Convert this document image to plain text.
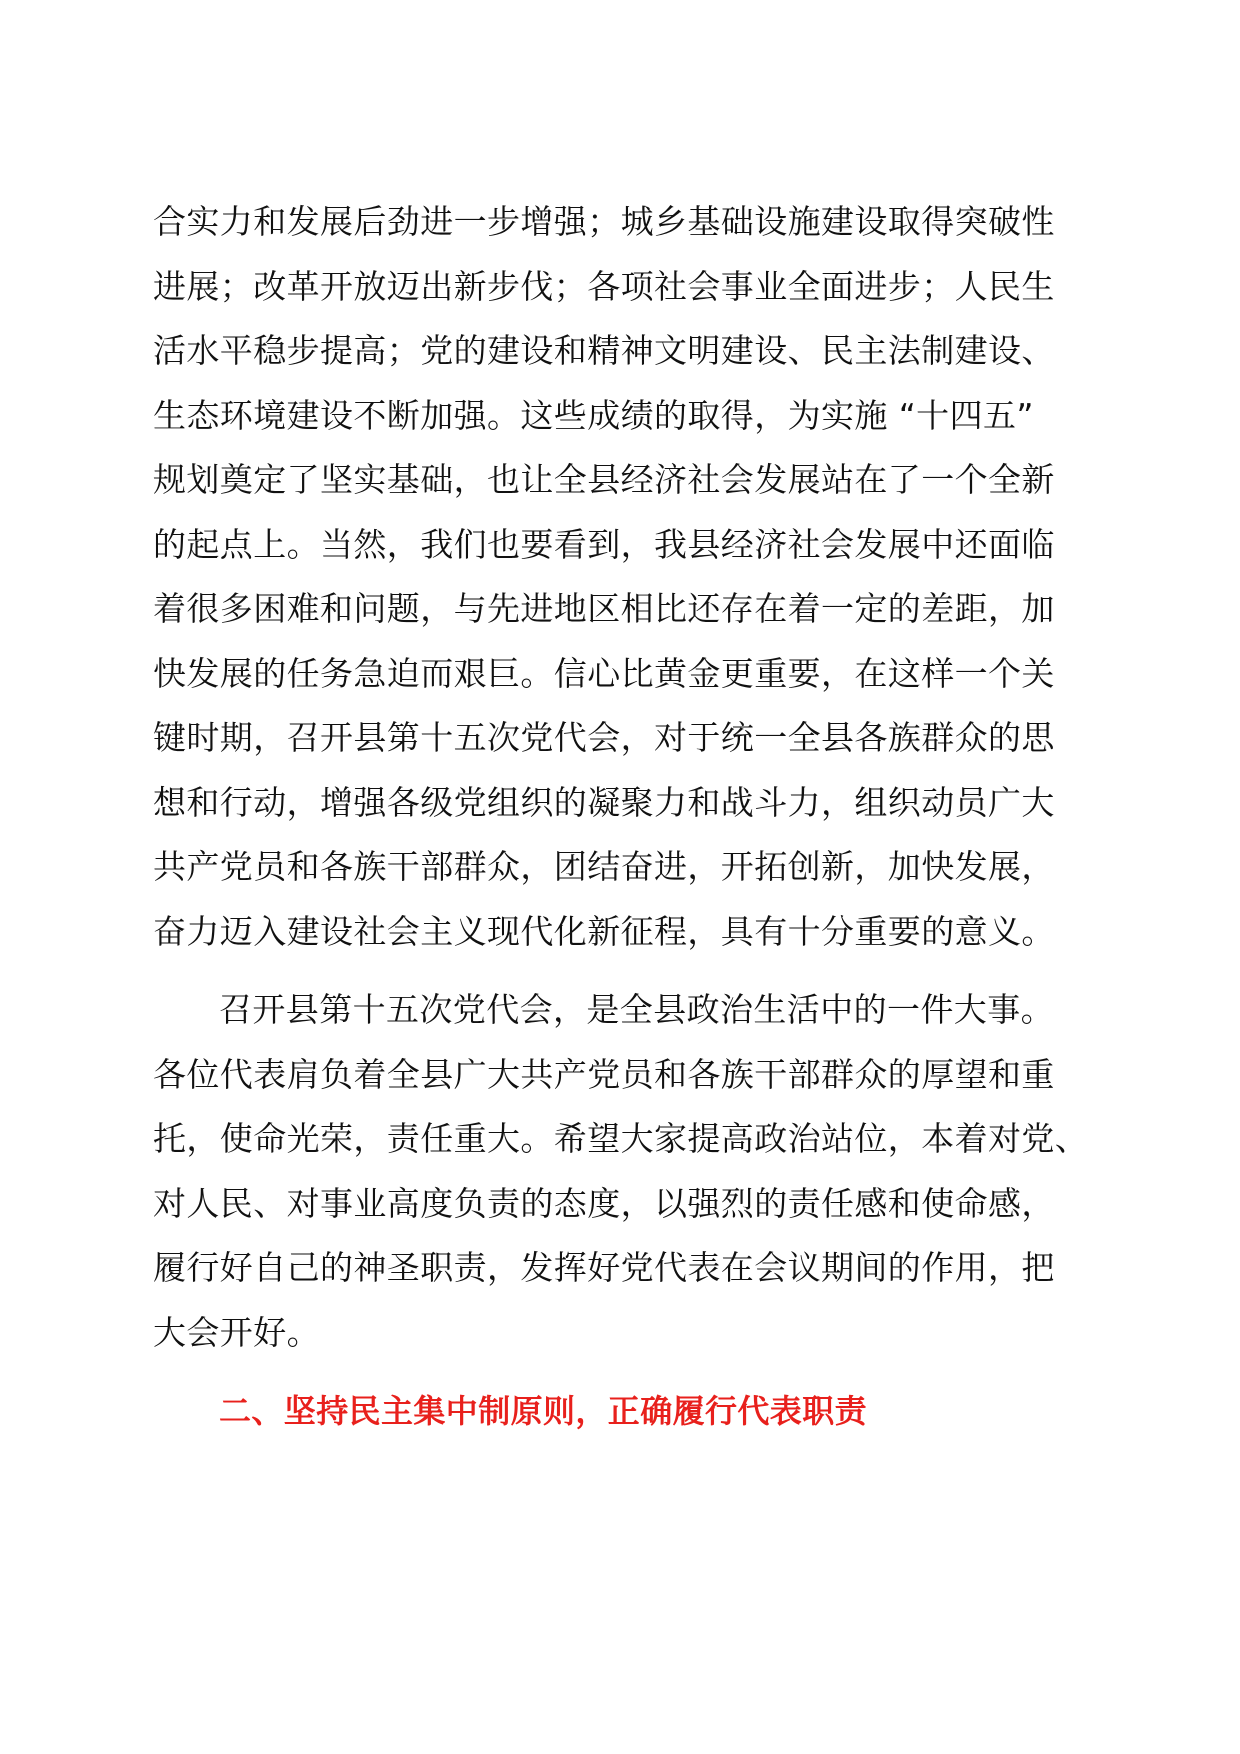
合实力和发展后劲进一步增强；城乡基础设施建设取得突破性
进展；改革开放迈出新步伐；各项社会事业全面进步；人民生
活水平稳步提高；党的建设和精神文明建设、民主法制建设、
生态环境建设不断加强。这些成绩的取得，为实施 “十四五”
规划奠定了坚实基础，也让全县经济社会发展站在了一个全新
的起点上。当然，我们也要看到，我县经济社会发展中还面临
着很多困难和问题，与先进地区相比还存在着一定的差距，加
快发展的任务急迫而艰巨。信心比黄金更重要，在这样一个关
键时期，召开县第十五次党代会，对于统一全县各族群众的思
想和行动，增强各级党组织的凝聚力和战斗力，组织动员广大
共产党员和各族干部群众，团结奋进，开拓创新，加快发展，
奋力迈入建设社会主义现代化新征程，具有十分重要的意义。
召开县第十五次党代会，是全县政治生活中的一件大事。
各位代表肩负着全县广大共产党员和各族干部群众的厚望和重
托，使命光荣，责任重大。希望大家提高政治站位，本着对党、
对人民、对事业高度负责的态度，以强烈的责任感和使命感，
履行好自己的神圣职责，发挥好党代表在会议期间的作用，把
大会开好。
二、坚持民主集中制原则，正确履行代表职责
